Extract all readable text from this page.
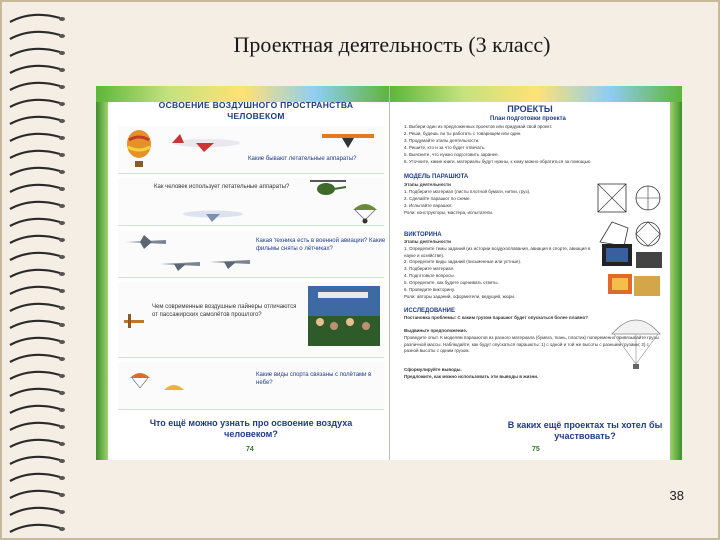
Проектная деятельность (3 класс)
ОСВОЕНИЕ ВОЗДУШНОГО ПРОСТРАНСТВА ЧЕЛОВЕКОМ
Какие бывают летательные аппараты?
Как человек использует летательные аппараты?
Какая техника есть в военной авиации? Какие фильмы сняты о лётчиках?
Чем современные воздушные лайнеры отличаются от пассажирских самолётов прошлого?
Какие виды спорта связаны с полётами в небе?
Что ещё можно узнать про освоение воздуха человеком?
74
ПРОЕКТЫ
План подготовки проекта
1. Выбери один из предложенных проектов или придумай свой проект.
2. Реши, будешь ли ты работать с товарищем или один.
3. Продумайте этапы деятельности.
4. Решите, кто и за что будет отвечать.
5. Выясните, что нужно подготовить заранее.
6. Уточните, какие книги, материалы будут нужны, к кому можно обратиться за помощью.
МОДЕЛЬ ПАРАШЮТА
Этапы деятельности
1. Подберите материал (листы плотной бумаги, нитки, груз).
2. Сделайте парашют по схеме.
3. Испытайте парашют.
Роли: конструкторы, мастера, испытатели.
ВИКТОРИНА
Этапы деятельности
1. Определите темы заданий (из истории воздухоплавания, авиация в спорте, авиация в науке и хозяйстве).
2. Определите виды заданий (письменные или устные).
3. Подберите материал.
4. Подготовьте вопросы.
5. Определите, как будете оценивать ответы.
6. Проведите викторину.
Роли: авторы заданий, оформители, ведущий, жюри.
ИССЛЕДОВАНИЕ
Постановка проблемы: С каким грузом парашют будет опускаться более плавно?
Выдвиньте предположение.
Проведите опыт. К моделям парашютов из разного материала (бумага, ткань, пластик) попеременно привязывайте грузы различной массы. Наблюдайте, как будут опускаться парашюты: 1) с одной и той же высоты с разными грузами; 2) с разной высоты с одним грузом.
Сформулируйте выводы.
Предложите, как можно использовать эти выводы в жизни.
В каких ещё проектах ты хотел бы участвовать?
75
38
